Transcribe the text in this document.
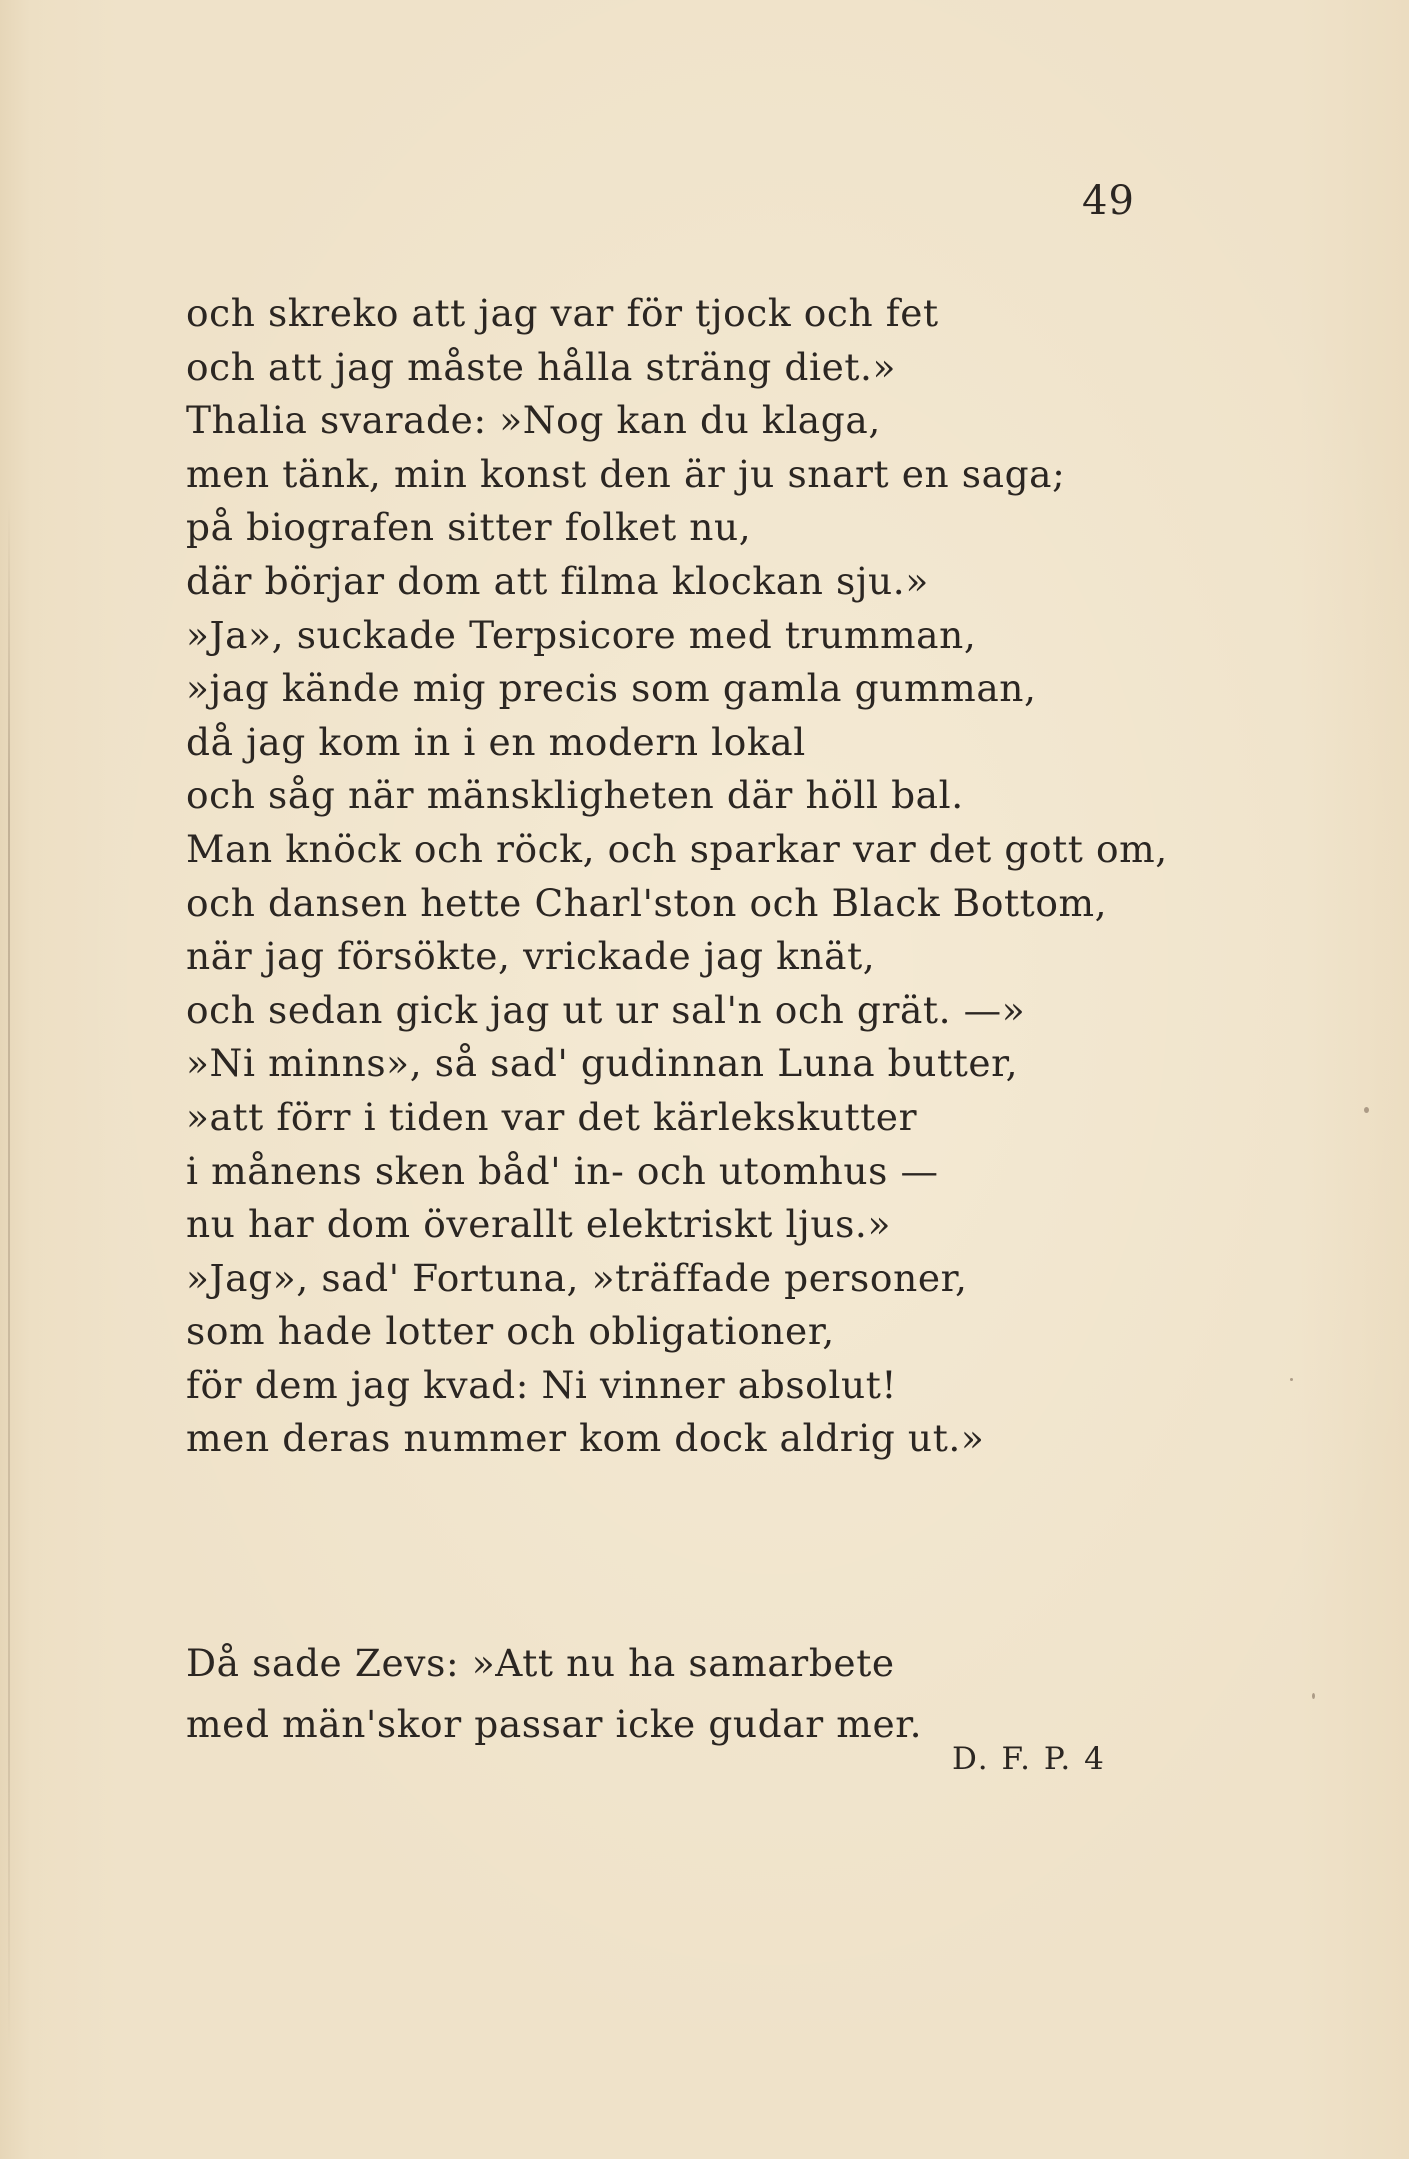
49

och skreko att jag var för tjock och fet
och att jag måste hålla sträng diet.»
Thalia svarade: »Nog kan du klaga,
men tänk, min konst den är ju snart en saga;
på biografen sitter folket nu,
där börjar dom att filma klockan sju.»
»Ja», suckade Terpsicore med trumman,
»jag kände mig precis som gamla gumman,
då jag kom in i en modern lokal
och såg när mänskligheten där höll bal.
Man knöck och röck, och sparkar var det gott om,
och dansen hette Charl'ston och Black Bottom,
när jag försökte, vrickade jag knät,
och sedan gick jag ut ur sal'n och grät. —»
»Ni minns», så sad' gudinnan Luna butter,
»att förr i tiden var det kärlekskutter
i månens sken båd' in- och utomhus —
nu har dom överallt elektriskt ljus.»
»Jag», sad' Fortuna, »träffade personer,
som hade lotter och obligationer,
för dem jag kvad: Ni vinner absolut!
men deras nummer kom dock aldrig ut.»
Då sade Zevs: »Att nu ha samarbete
med män'skor passar icke gudar mer.

D. F. P. 4
